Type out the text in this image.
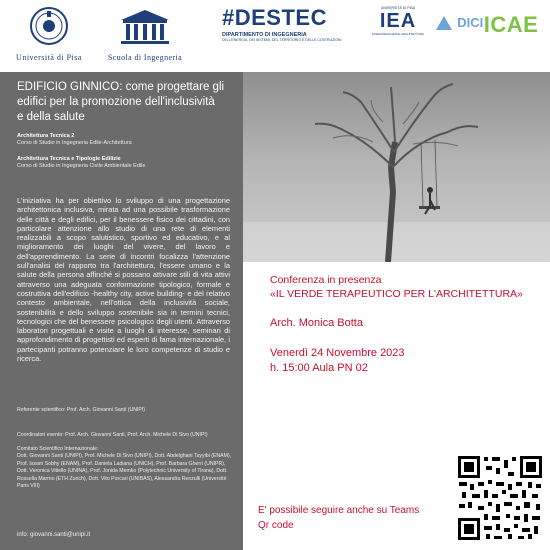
Università di Pisa	Scuola di Ingegneria
#DESTEC
DIPARTIMENTO DI INGEGNERIA
DELL'ENERGIA, DEI SISTEMI, DEL TERRITORIO E DELLE COSTRUZIONI
UNIVERSITÀ DI PISA
IEA
INGEGNERIA EDILE-ARCHITETTURA
DICI ICAE
EDIFICIO GINNICO: come progettare gli
edifici per la promozione dell'inclusività
e della salute

Architettura Tecnica 2

Corso di Studio in Ingegneria Edile-Architettura

Architettura Tecnica e Tipologie Edilizie

Corso di Studio in Ingegneria Civile Ambientale Edile

L'iniziativa ha per obiettivo lo sviluppo di una progettazione architettonica inclusiva, mirata ad una possibile trasformazione delle città e degli edifici, per il benessere fisico dei cittadini, con particolare attenzione allo studio di una rete di elementi realizzabili a scopo salutistico, sportivo ed educativo, e al miglioramento dei luoghi del vivere, del lavoro e dell'apprendimento. La serie di incontri focalizza l'attenzione sull'analisi del rapporto tra l'architettura, l'essere umano e la salute della persona affinché si possano attivare stili di vita attivi attraverso una adeguata conformazione tipologico, formale e costruttiva dell'edificio -healthy city, active building- e del relativo contesto ambientale, nell'ottica della inclusività sociale, sostenibilità e dello sviluppo sostenibile sia in termini tecnici, tecnologici che del benessere psicologico degli utenti. Attraverso laboratori progettuali e visite a luoghi di interesse, seminari di approfondimento di progettisti ed esperti di fama internazionale, i partecipanti potranno potenziare le loro competenze di studio e ricerca.
Referente scientifico: Prof. Arch. Giovanni Santi (UNIPI)
Coordinatori evento: Prof. Arch. Giovanni Santi, Prof. Arch. Michele Di Sivo (UNIPI)
Comitato Scientifico Internazionale:
Dott. Giovanni Santi (UNIPI), Prof. Michele Di Sivo (UNIPI), Dott. Abdelghani Tayyibi (ENAM), Prof. Issam Sobhy (ENAM), Prof. Daniela Ladiana (UNICH), Prof. Barbara Gherri (UNIPR), Dott. Veronica Vitiello (UNINA), Prof. Jonida Memko (Polytechnic University of Tirana), Dott. Rossella Marmo (ETH Zurich), Dott. Vito Porcari (UNIBAS), Alessandra Renzulli (Université Paris VIII)
info: giovanni.santi@unipi.it
Conferenza in presenza
«IL VERDE TERAPEUTICO PER L'ARCHITETTURA»
Arch. Monica Botta
Venerdì 24 Novembre 2023
h. 15:00 Aula PN 02
E' possibile seguire anche su Teams
Qr code
